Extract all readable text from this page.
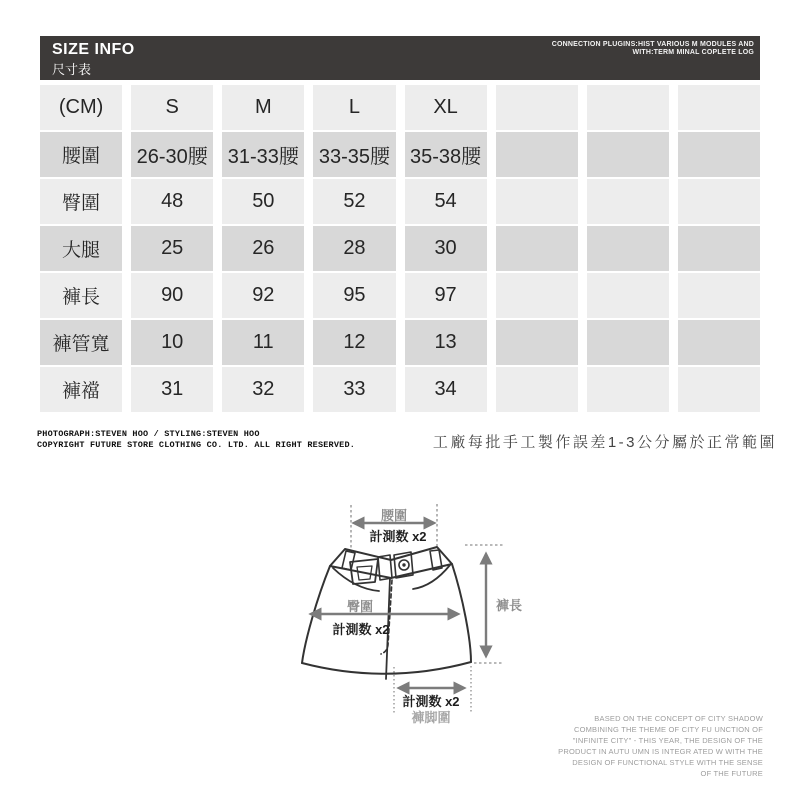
SIZE INFO
尺寸表
CONNECTION PLUGINS:HIST VARIOUS M MODULES AND
WITH:TERM MINAL COPLETE LOG
(CM)	S	M	L	XL			
腰圍	26-30腰	31-33腰	33-35腰	35-38腰			
臀圍	48	50	52	54			
大腿	25	26	28	30			
褲長	90	92	95	97			
褲管寬	10	11	12	13			
褲襠	31	32	33	34			
PHOTOGRAPH:STEVEN HOO / STYLING:STEVEN HOO
COPYRIGHT FUTURE STORE CLOTHING CO. LTD. ALL RIGHT RESERVED.	工廠每批手工製作誤差1-3公分屬於正常範圍
腰圍
計測数 x2
臀圍
計測数 x2
褲長
計測数 x2
褲脚圍	BASED ON THE CONCEPT OF CITY SHADOW
COMBINING THE THEME OF CITY FU UNCTION OF
"INFINITE CITY" - THIS YEAR, THE DESIGN OF THE
PRODUCT IN AUTU UMN IS INTEGR ATED W WITH THE
DESIGN OF FUNCTIONAL STYLE WITH THE SENSE
OF THE FUTURE
